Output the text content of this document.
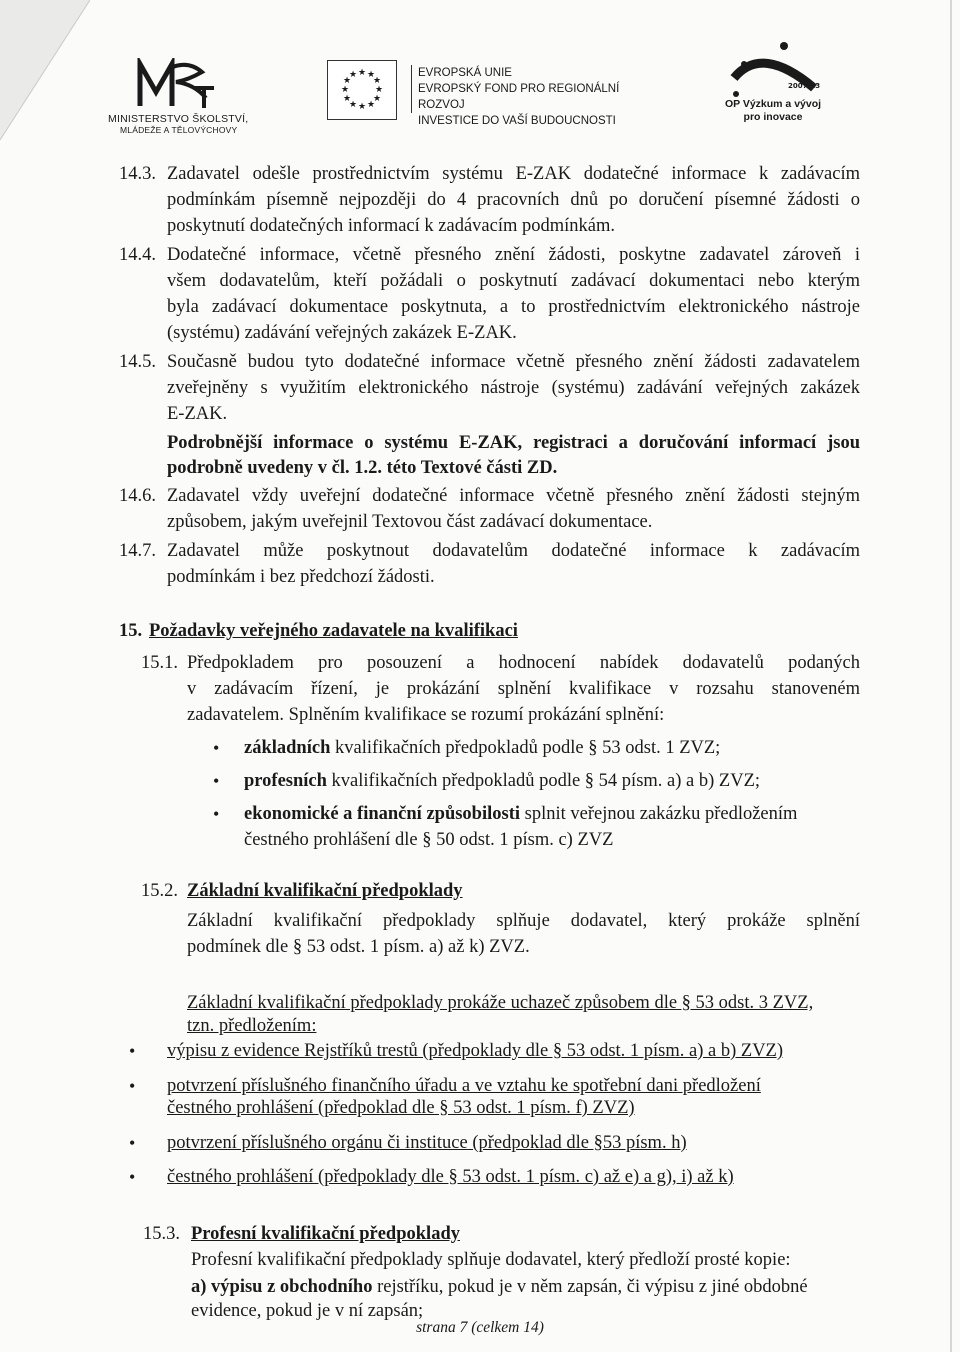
MINISTERSTVO ŠKOLSTVÍ,
MLÁDEŽE A TĚLOVÝCHOVY
★ ★
★
★
★
★
★
★
★
★
★
★	EVROPSKÁ UNIE
EVROPSKÝ FOND PRO REGIONÁLNÍ ROZVOJ
INVESTICE DO VAŠÍ BUDOUCNOSTI
2007-13
OP Výzkum a vývoj
pro inovace
14.3. Zadavatel odešle prostřednictvím systému E-ZAK dodatečné informace k zadávacím
podmínkám písemně nejpozději do 4 pracovních dnů po doručení písemné žádosti o
poskytnutí dodatečných informací k zadávacím podmínkám.
14.4. Dodatečné informace, včetně přesného znění žádosti, poskytne zadavatel zároveň i
všem dodavatelům, kteří požádali o poskytnutí zadávací dokumentaci nebo kterým
byla zadávací dokumentace poskytnuta, a to prostřednictvím elektronického nástroje
(systému) zadávání veřejných zakázek E-ZAK.
14.5. Současně budou tyto dodatečné informace včetně přesného znění žádosti zadavatelem
zveřejněny s využitím elektronického nástroje (systému) zadávání veřejných zakázek
E-ZAK.
Podrobnější informace o systému E-ZAK, registraci a doručování informací jsou
podrobně uvedeny v čl. 1.2. této Textové části ZD.
14.6. Zadavatel vždy uveřejní dodatečné informace včetně přesného znění žádosti stejným
způsobem, jakým uveřejnil Textovou část zadávací dokumentace.
14.7. Zadavatel může poskytnout dodavatelům dodatečné informace k zadávacím
podmínkám i bez předchozí žádosti.
15. Požadavky veřejného zadavatele na kvalifikaci
15.1. Předpokladem pro posouzení a hodnocení nabídek dodavatelů podaných
v zadávacím řízení, je prokázání splnění kvalifikace v rozsahu stanoveném
zadavatelem. Splněním kvalifikace se rozumí prokázání splnění:
• základních kvalifikačních předpokladů podle § 53 odst. 1 ZVZ;
• profesních kvalifikačních předpokladů podle § 54 písm. a) a b) ZVZ;
• ekonomické a finanční způsobilosti splnit veřejnou zakázku předložením
čestného prohlášení dle § 50 odst. 1 písm. c) ZVZ
15.2. Základní kvalifikační předpoklady
Základní kvalifikační předpoklady splňuje dodavatel, který prokáže splnění
podmínek dle § 53 odst. 1 písm. a) až k) ZVZ.
Základní kvalifikační předpoklady prokáže uchazeč způsobem dle § 53 odst. 3 ZVZ,
tzn. předložením:
• výpisu z evidence Rejstříků trestů (předpoklady dle § 53 odst. 1 písm. a) a b) ZVZ)
• potvrzení příslušného finančního úřadu a ve vztahu ke spotřební dani předložení
čestného prohlášení (předpoklad dle § 53 odst. 1 písm. f) ZVZ)
• potvrzení příslušného orgánu či instituce (předpoklad dle §53 písm. h)
• čestného prohlášení (předpoklady dle § 53 odst. 1 písm. c) až e) a g), i) až k)
15.3. Profesní kvalifikační předpoklady
Profesní kvalifikační předpoklady splňuje dodavatel, který předloží prosté kopie:
a) výpisu z obchodního rejstříku, pokud je v něm zapsán, či výpisu z jiné obdobné
evidence, pokud je v ní zapsán;
strana 7 (celkem 14)
